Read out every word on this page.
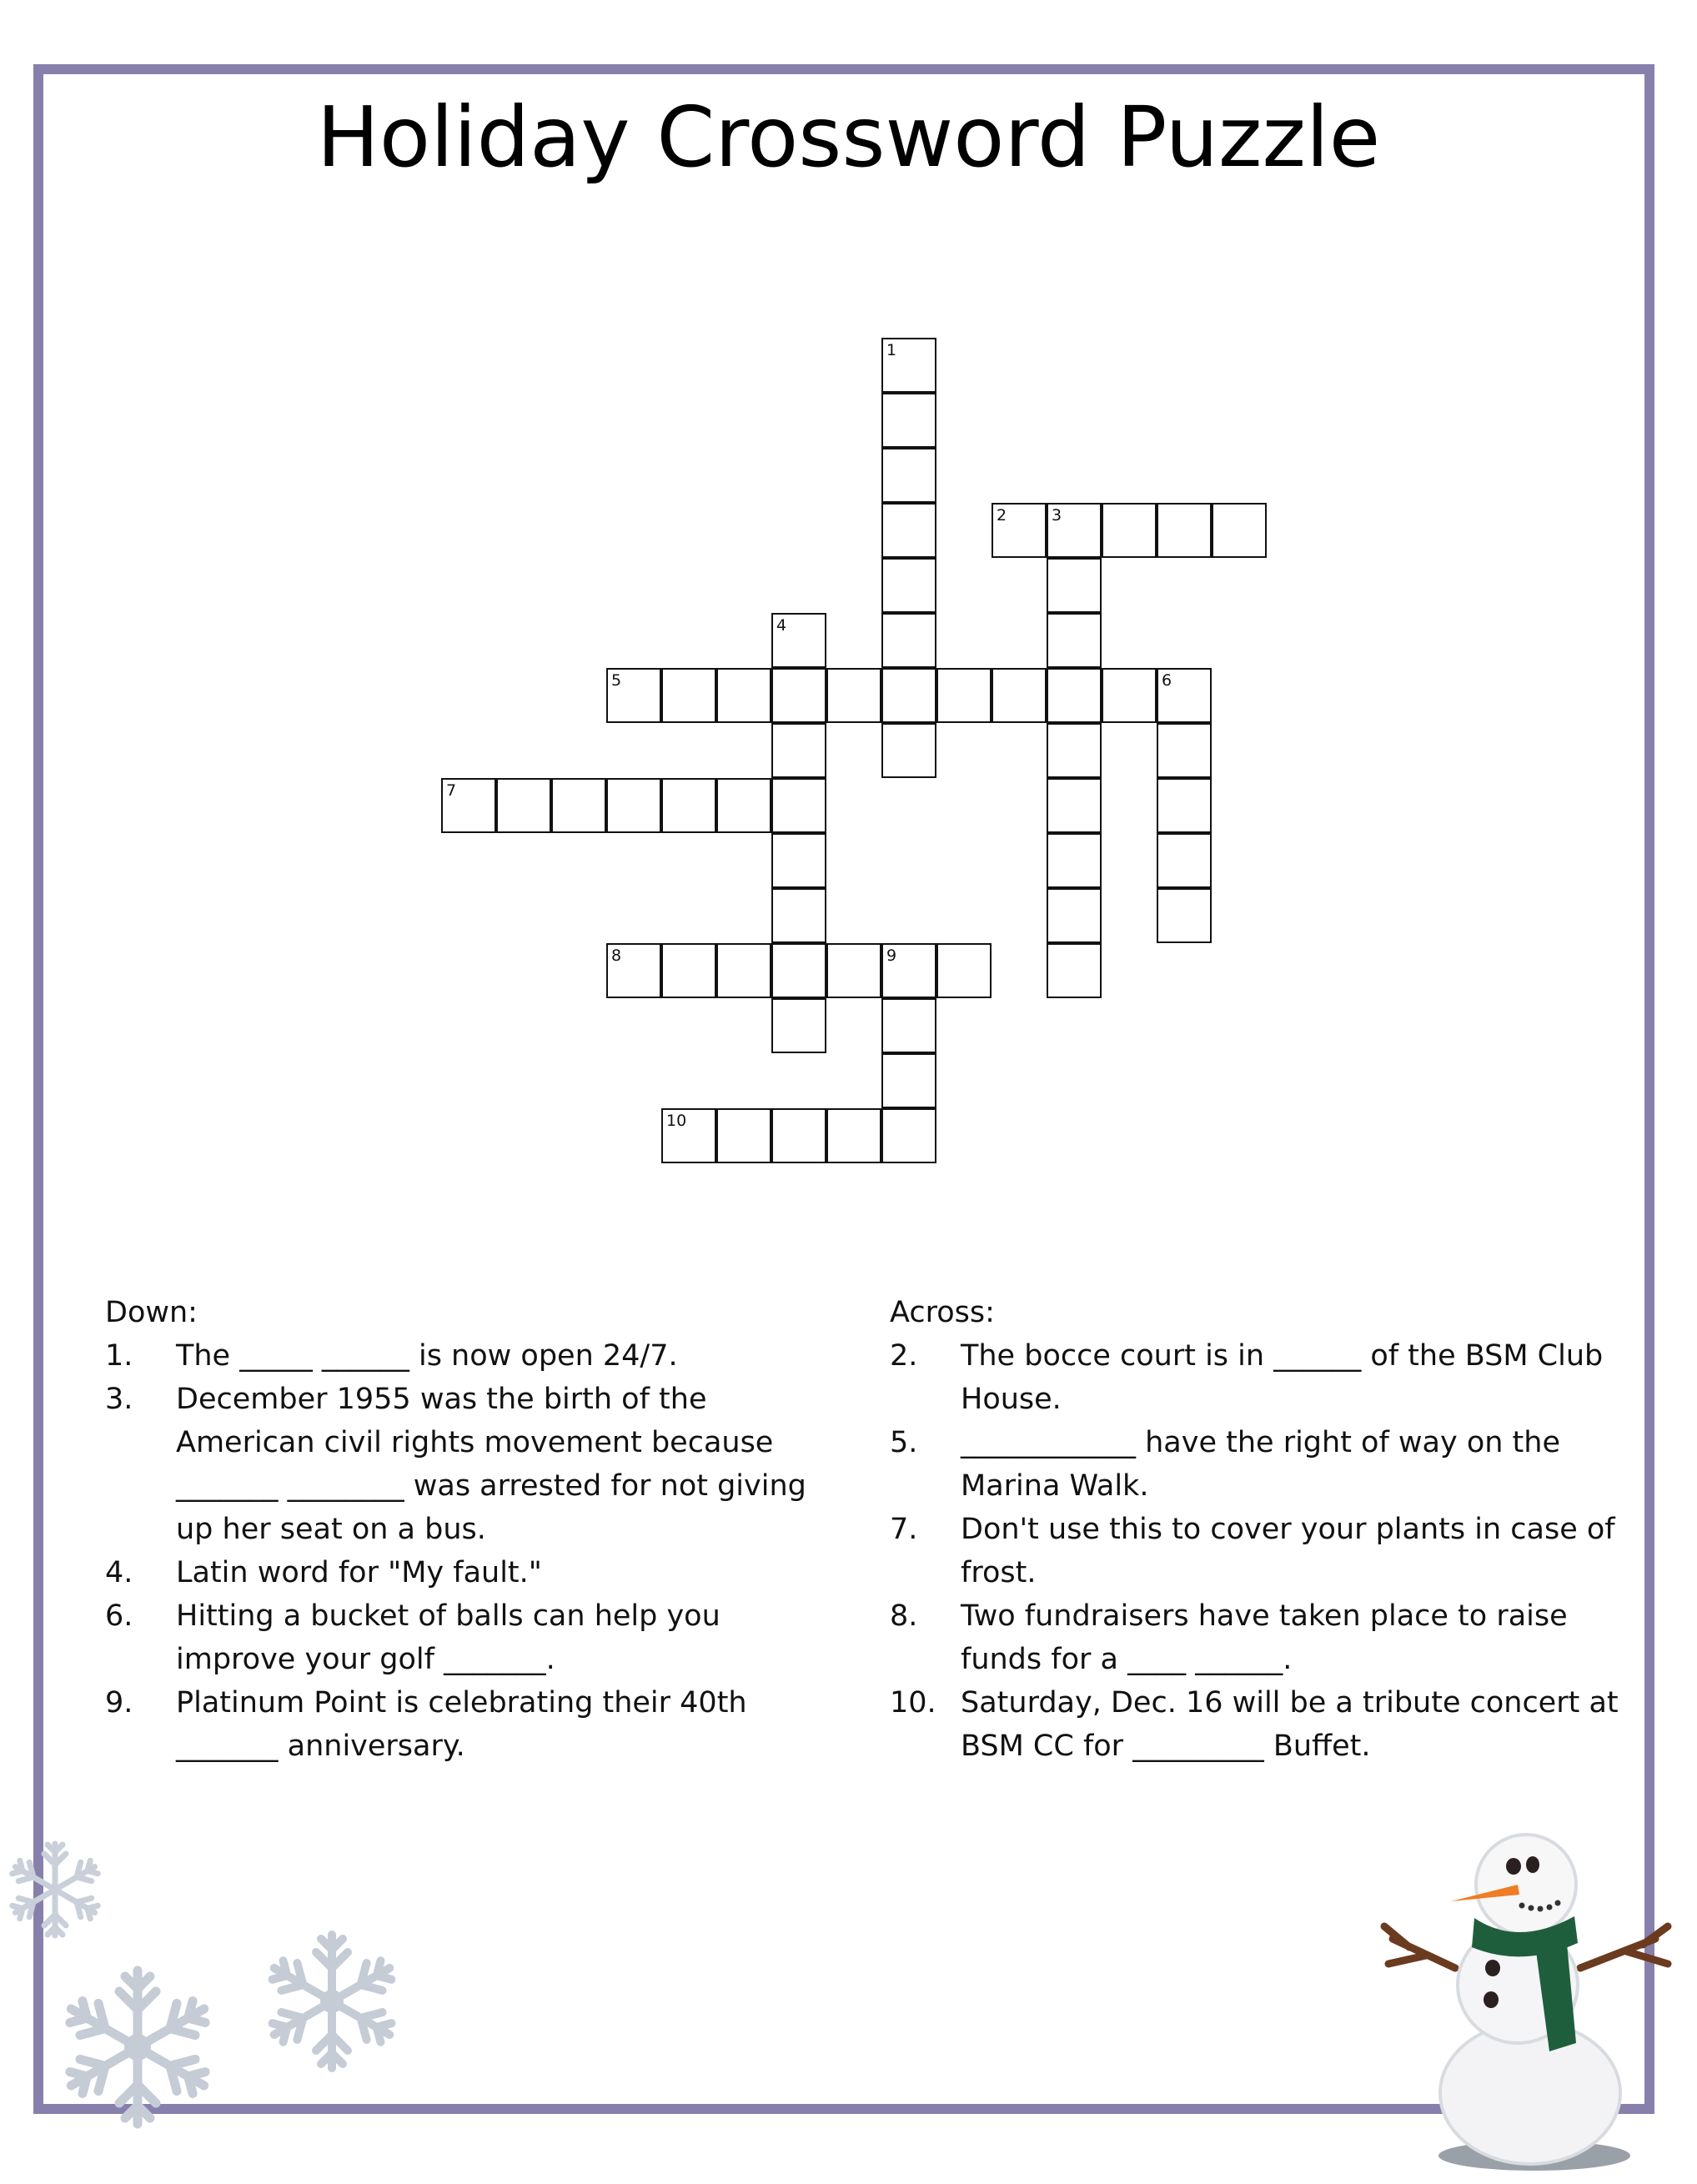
Holiday Crossword Puzzle
1
2	3
4
5	6
7
8	9
10
Down:
1.	The _____ ______ is now open 24/7.
3.	December 1955 was the birth of the American civil rights movement because _______ ________ was arrested for not giving up her seat on a bus.
4.	Latin word for "My fault."
6.	Hitting a bucket of balls can help you improve your golf _______.
9.	Platinum Point is celebrating their 40th _______ anniversary.
Across:
2.	The bocce court is in ______ of the BSM Club House.
5.	____________ have the right of way on the Marina Walk.
7.	Don't use this to cover your plants in case of frost.
8.	Two fundraisers have taken place to raise funds for a ____ ______.
10. Saturday, Dec. 16 will be a tribute concert at BSM CC for _________ Buffet.
